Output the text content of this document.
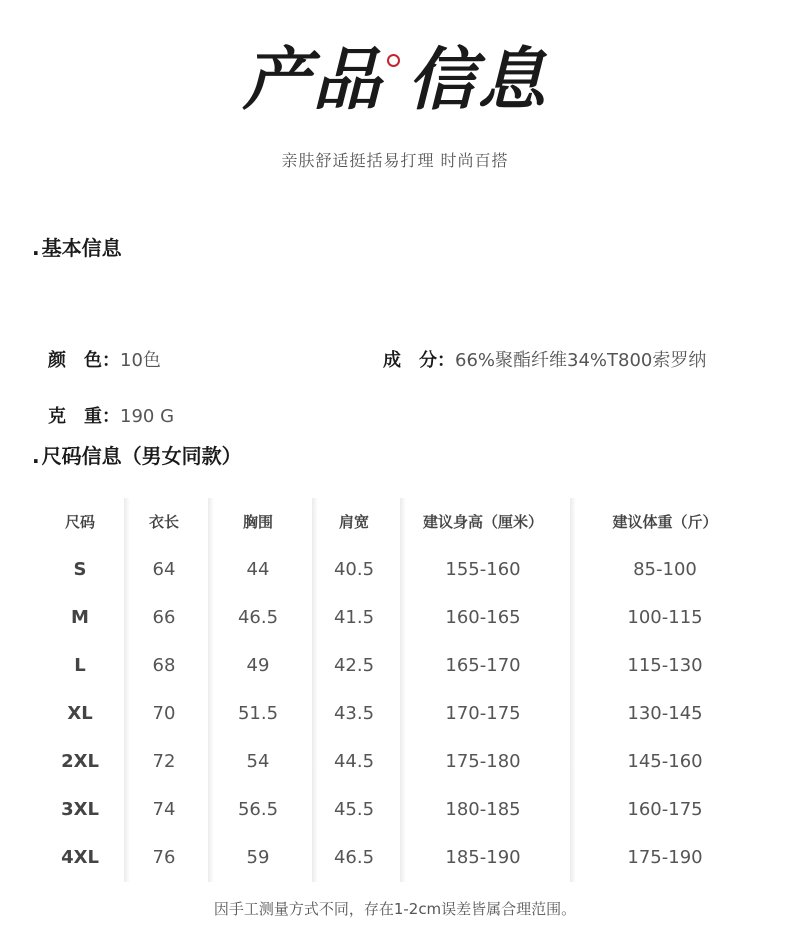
产品 信息
亲肤舒适挺括易打理 时尚百搭
. 基本信息
颜　色：10色	成　分：66%聚酯纤维34%T800索罗纳
克　重：190 G
. 尺码信息（男女同款）
尺码
S
M
L
XL
2XL
3XL
4XL
衣长
64
66
68
70
72
74
76
胸围
44
46.5
49
51.5
54
56.5
59
肩宽
40.5
41.5
42.5
43.5
44.5
45.5
46.5
建议身高（厘米）
155-160
160-165
165-170
170-175
175-180
180-185
185-190
建议体重（斤）
85-100
100-115
115-130
130-145
145-160
160-175
175-190
因手工测量方式不同，存在1-2cm误差皆属合理范围。
